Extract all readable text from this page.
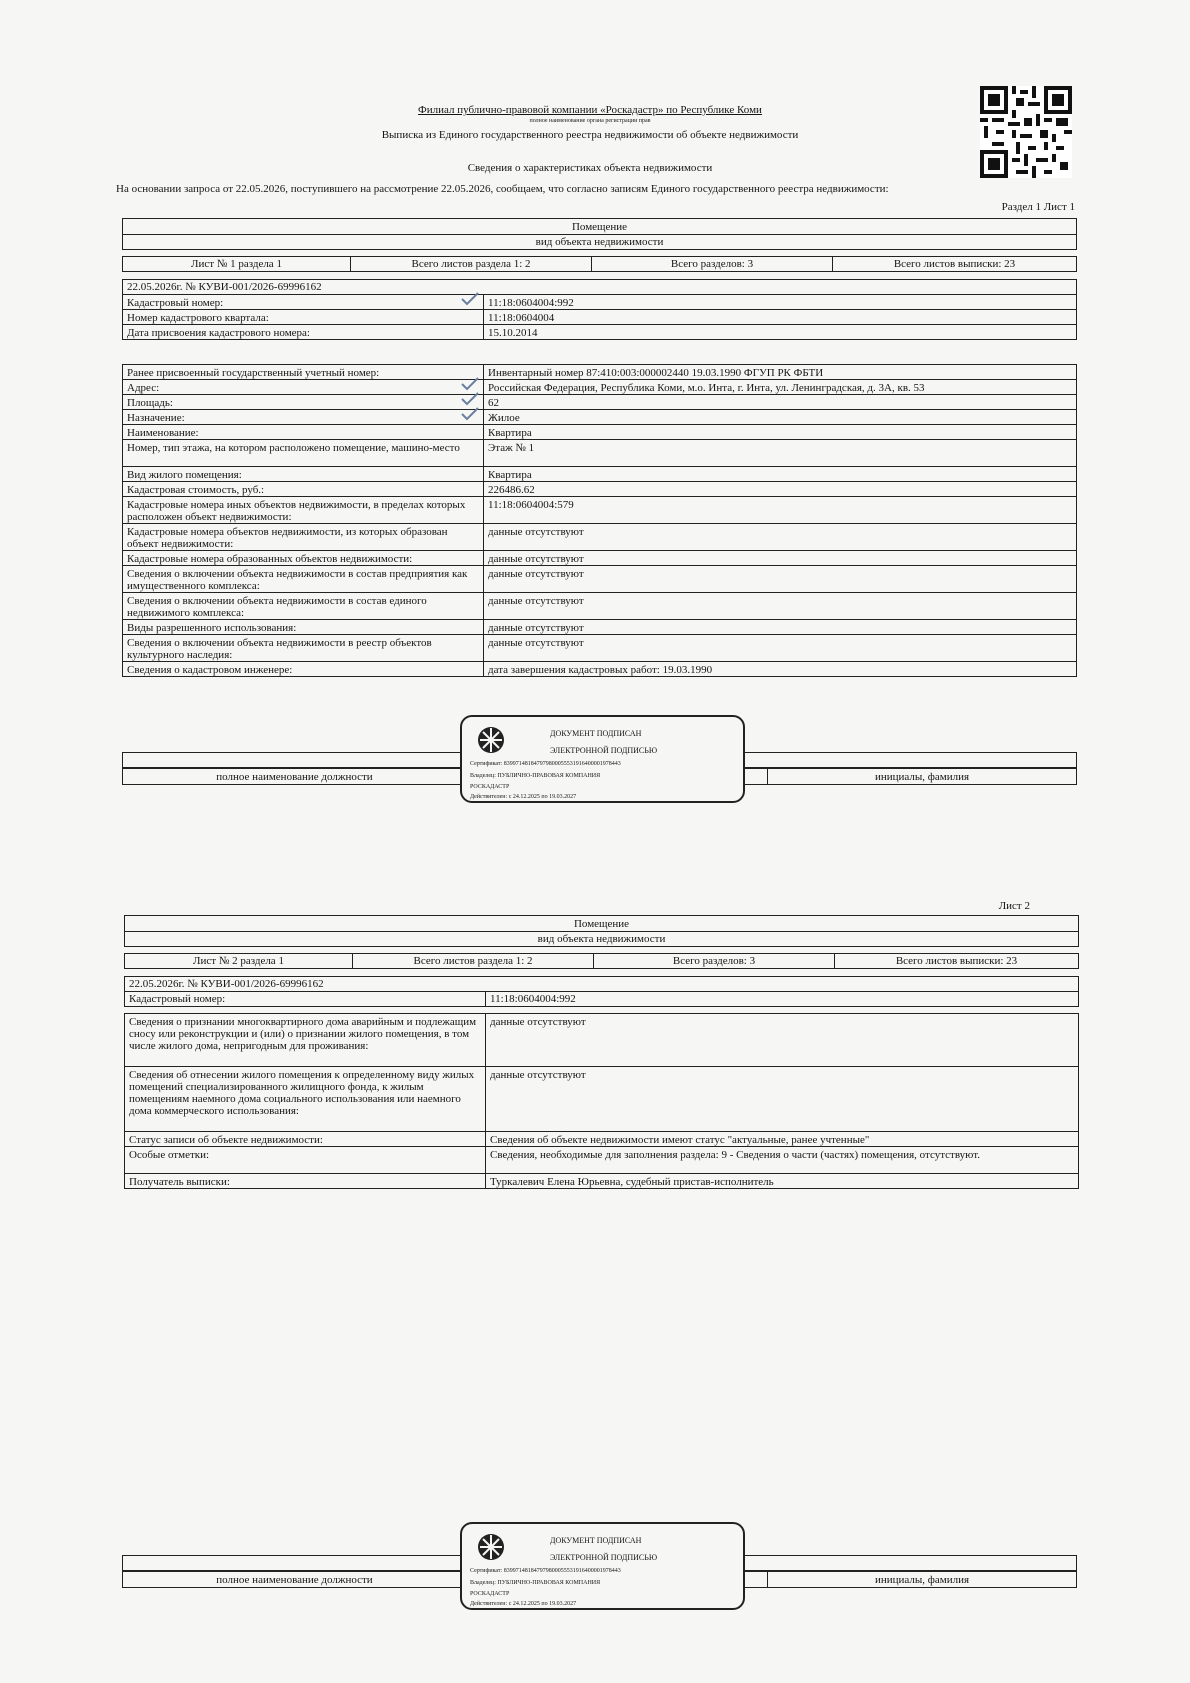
Филиал публично-правовой компании «Роскадастр» по Республике Коми
полное наименование органа регистрации прав
Выписка из Единого государственного реестра недвижимости об объекте недвижимости
Сведения о характеристиках объекта недвижимости
На основании запроса от 22.05.2026, поступившего на рассмотрение 22.05.2026, сообщаем, что согласно записям Единого государственного реестра недвижимости:
Раздел 1 Лист 1
Помещение
вид объекта недвижимости
Лист № 1 раздела 1	Всего листов раздела 1: 2	Всего разделов: 3	Всего листов выписки: 23
22.05.2026г. № КУВИ-001/2026-69996162
Кадастровый номер:	11:18:0604004:992
Номер кадастрового квартала:	11:18:0604004
Дата присвоения кадастрового номера:	15.10.2014
Ранее присвоенный государственный учетный номер:	Инвентарный номер 87:410:003:000002440 19.03.1990 ФГУП РК ФБТИ
Адрес:	Российская Федерация, Республика Коми, м.о. Инта, г. Инта, ул. Ленинградская, д. 3А, кв. 53
Площадь:	62
Назначение:	Жилое
Наименование:	Квартира
Номер, тип этажа, на котором расположено помещение, машино-место	Этаж № 1
Вид жилого помещения:	Квартира
Кадастровая стоимость, руб.:	226486.62
Кадастровые номера иных объектов недвижимости, в пределах которых расположен объект недвижимости:
11:18:0604004:579
Кадастровые номера объектов недвижимости, из которых образован объект недвижимости:
данные отсутствуют
Кадастровые номера образованных объектов недвижимости:	данные отсутствуют
Сведения о включении объекта недвижимости в состав предприятия как имущественного комплекса:
данные отсутствуют
Сведения о включении объекта недвижимости в состав единого недвижимого комплекса:
данные отсутствуют
Виды разрешенного использования:	данные отсутствуют
Сведения о включении объекта недвижимости в реестр объектов культурного наследия:
данные отсутствуют
Сведения о кадастровом инженере:	дата завершения кадастровых работ: 19.03.1990
полное наименование должности	инициалы, фамилия
ДОКУМЕНТ ПОДПИСАН
ЭЛЕКТРОННОЙ ПОДПИСЬЮ
Сертификат: 839971481847979800055531916400001978443
Владелец: ПУБЛИЧНО-ПРАВОВАЯ КОМПАНИЯ
РОСКАДАСТР
Действителен: с 24.12.2025 по 19.03.2027
Лист 2
Помещение
вид объекта недвижимости
Лист № 2 раздела 1	Всего листов раздела 1: 2	Всего разделов: 3	Всего листов выписки: 23
22.05.2026г. № КУВИ-001/2026-69996162
Кадастровый номер:	11:18:0604004:992
Сведения о признании многоквартирного дома аварийным и подлежащим сносу или реконструкции и (или) о признании жилого помещения, в том числе жилого дома, непригодным для проживания:
данные отсутствуют
Сведения об отнесении жилого помещения к определенному виду жилых помещений специализированного жилищного фонда, к жилым помещениям наемного дома социального использования или наемного дома коммерческого использования:
данные отсутствуют
Статус записи об объекте недвижимости:	Сведения об объекте недвижимости имеют статус "актуальные, ранее учтенные"
Особые отметки:	Сведения, необходимые для заполнения раздела: 9 - Сведения о части (частях) помещения, отсутствуют.
Получатель выписки:	Туркалевич Елена Юрьевна, судебный пристав-исполнитель
полное наименование должности	инициалы, фамилия
ДОКУМЕНТ ПОДПИСАН
ЭЛЕКТРОННОЙ ПОДПИСЬЮ
Сертификат: 839971481847979800055531916400001978443
Владелец: ПУБЛИЧНО-ПРАВОВАЯ КОМПАНИЯ
РОСКАДАСТР
Действителен: с 24.12.2025 по 19.03.2027
